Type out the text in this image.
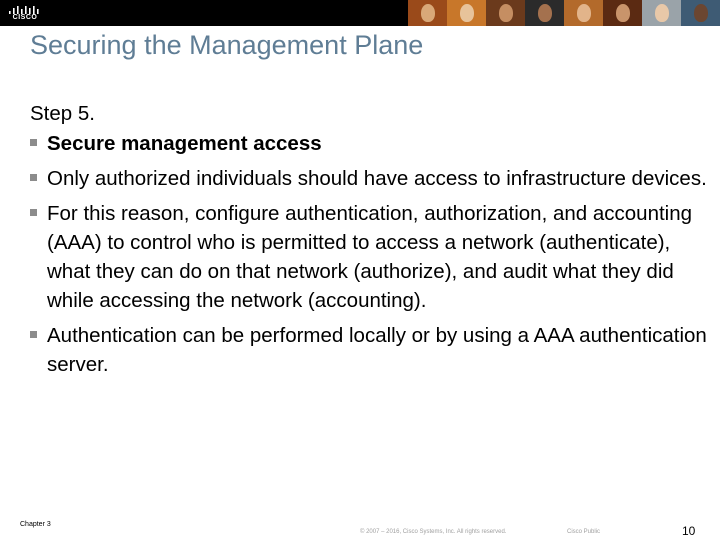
CISCO
Securing the Management Plane
Step 5.
Secure management access
Only authorized individuals should have access to infrastructure devices.
For this reason, configure authentication, authorization, and accounting (AAA) to control who is permitted to access a network (authenticate), what they can do on that network (authorize), and audit what they did while accessing the network (accounting).
Authentication can be performed locally or by using a AAA authentication server.
Chapter 3
© 2007 – 2016, Cisco Systems, Inc. All rights reserved.	Cisco Public	10
